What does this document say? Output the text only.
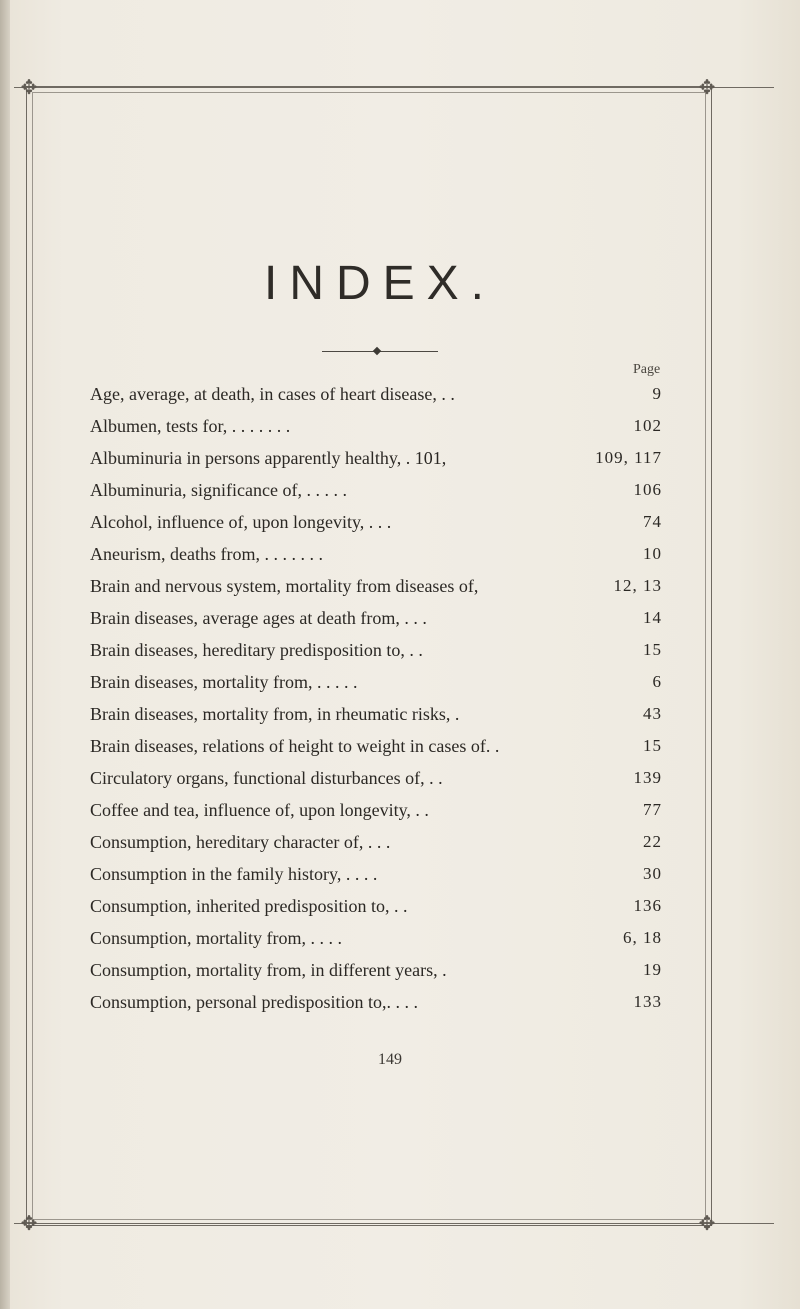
✥	✥
✥	✥
INDEX.
Page
Age, average, at death, in cases of heart disease, . .	9
Albumen, tests for, . . . . . . .	102
Albuminuria in persons apparently healthy, . 101,	109, 117
Albuminuria, significance of, . . . . .	106
Alcohol, influence of, upon longevity, . . .	74
Aneurism, deaths from, . . . . . . .	10
Brain and nervous system, mortality from diseases of,	12, 13
Brain diseases, average ages at death from, . . .	14
Brain diseases, hereditary predisposition to, . .	15
Brain diseases, mortality from, . . . . .	6
Brain diseases, mortality from, in rheumatic risks, .	43
Brain diseases, relations of height to weight in cases of. .	15
Circulatory organs, functional disturbances of, . .	139
Coffee and tea, influence of, upon longevity, . .	77
Consumption, hereditary character of, . . .	22
Consumption in the family history, . . . .	30
Consumption, inherited predisposition to, . .	136
Consumption, mortality from, . . . .	6, 18
Consumption, mortality from, in different years, .	19
Consumption, personal predisposition to,. . . .	133
149
